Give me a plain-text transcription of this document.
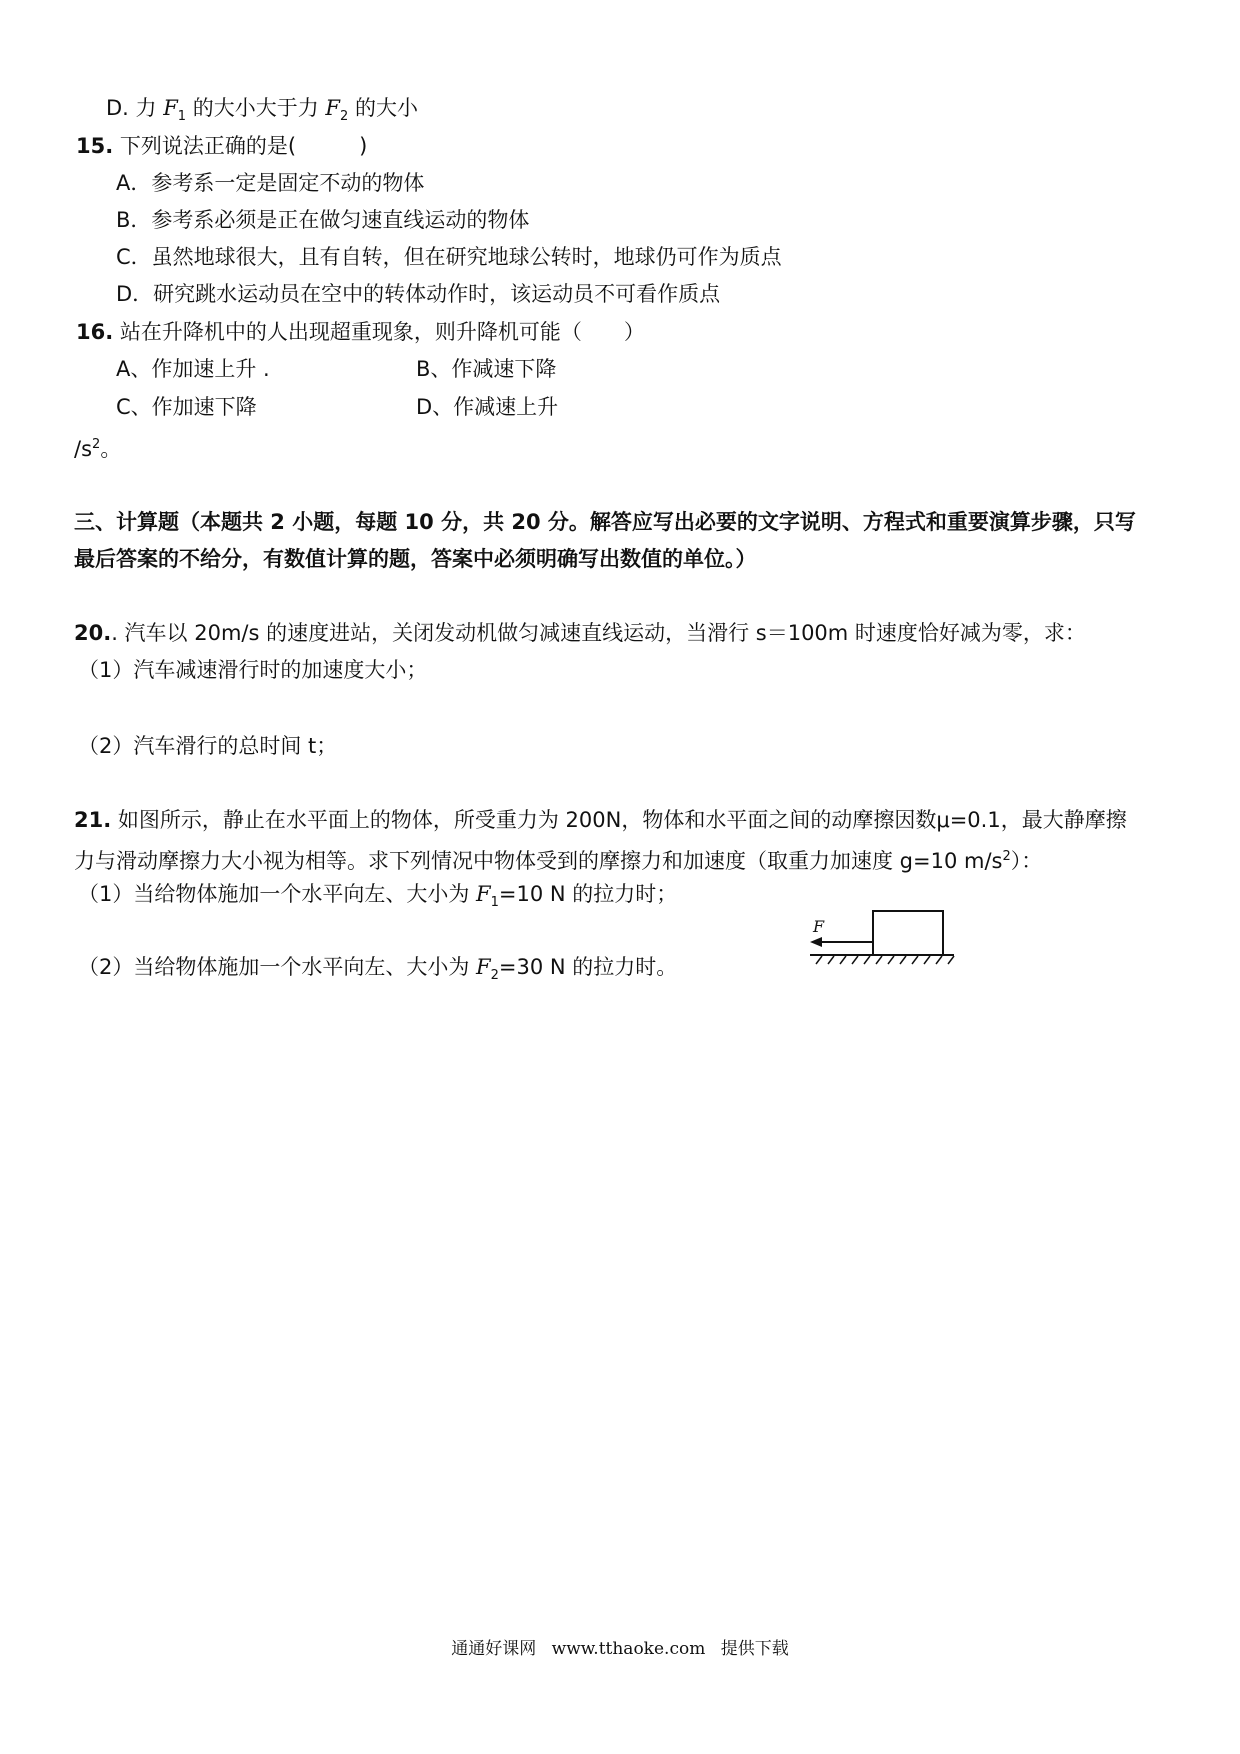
D. 力 $F_1$ 的大小大于力 $F_2$ 的大小
15. 下列说法正确的是(　　　)
A．参考系一定是固定不动的物体
B．参考系必须是正在做匀速直线运动的物体
C．虽然地球很大，且有自转，但在研究地球公转时，地球仍可作为质点
D．研究跳水运动员在空中的转体动作时，该运动员不可看作质点
16. 站在升降机中的人出现超重现象，则升降机可能（　　）
A、作加速上升 .	B、作减速下降
C、作加速下降	D、作减速上升
$/s^2$。
三、计算题（本题共 2 小题，每题 10 分，共 20 分。解答应写出必要的文字说明、方程式和重要演算步骤，只写
最后答案的不给分，有数值计算的题，答案中必须明确写出数值的单位。）
20.. 汽车以 20m/s 的速度进站，关闭发动机做匀减速直线运动，当滑行 s＝100m 时速度恰好减为零，求：
（1）汽车减速滑行时的加速度大小；
（2）汽车滑行的总时间 t；
21. 如图所示，静止在水平面上的物体，所受重力为 200N，物体和水平面之间的动摩擦因数μ=0.1，最大静摩擦
力与滑动摩擦力大小视为相等。求下列情况中物体受到的摩擦力和加速度（取重力加速度 g=10 $m/s^2$）：
（1）当给物体施加一个水平向左、大小为 $F_1=10$ N 的拉力时；
（2）当给物体施加一个水平向左、大小为 $F_2=30$ N 的拉力时。
F
通通好课网 www.tthaoke.com 提供下载
